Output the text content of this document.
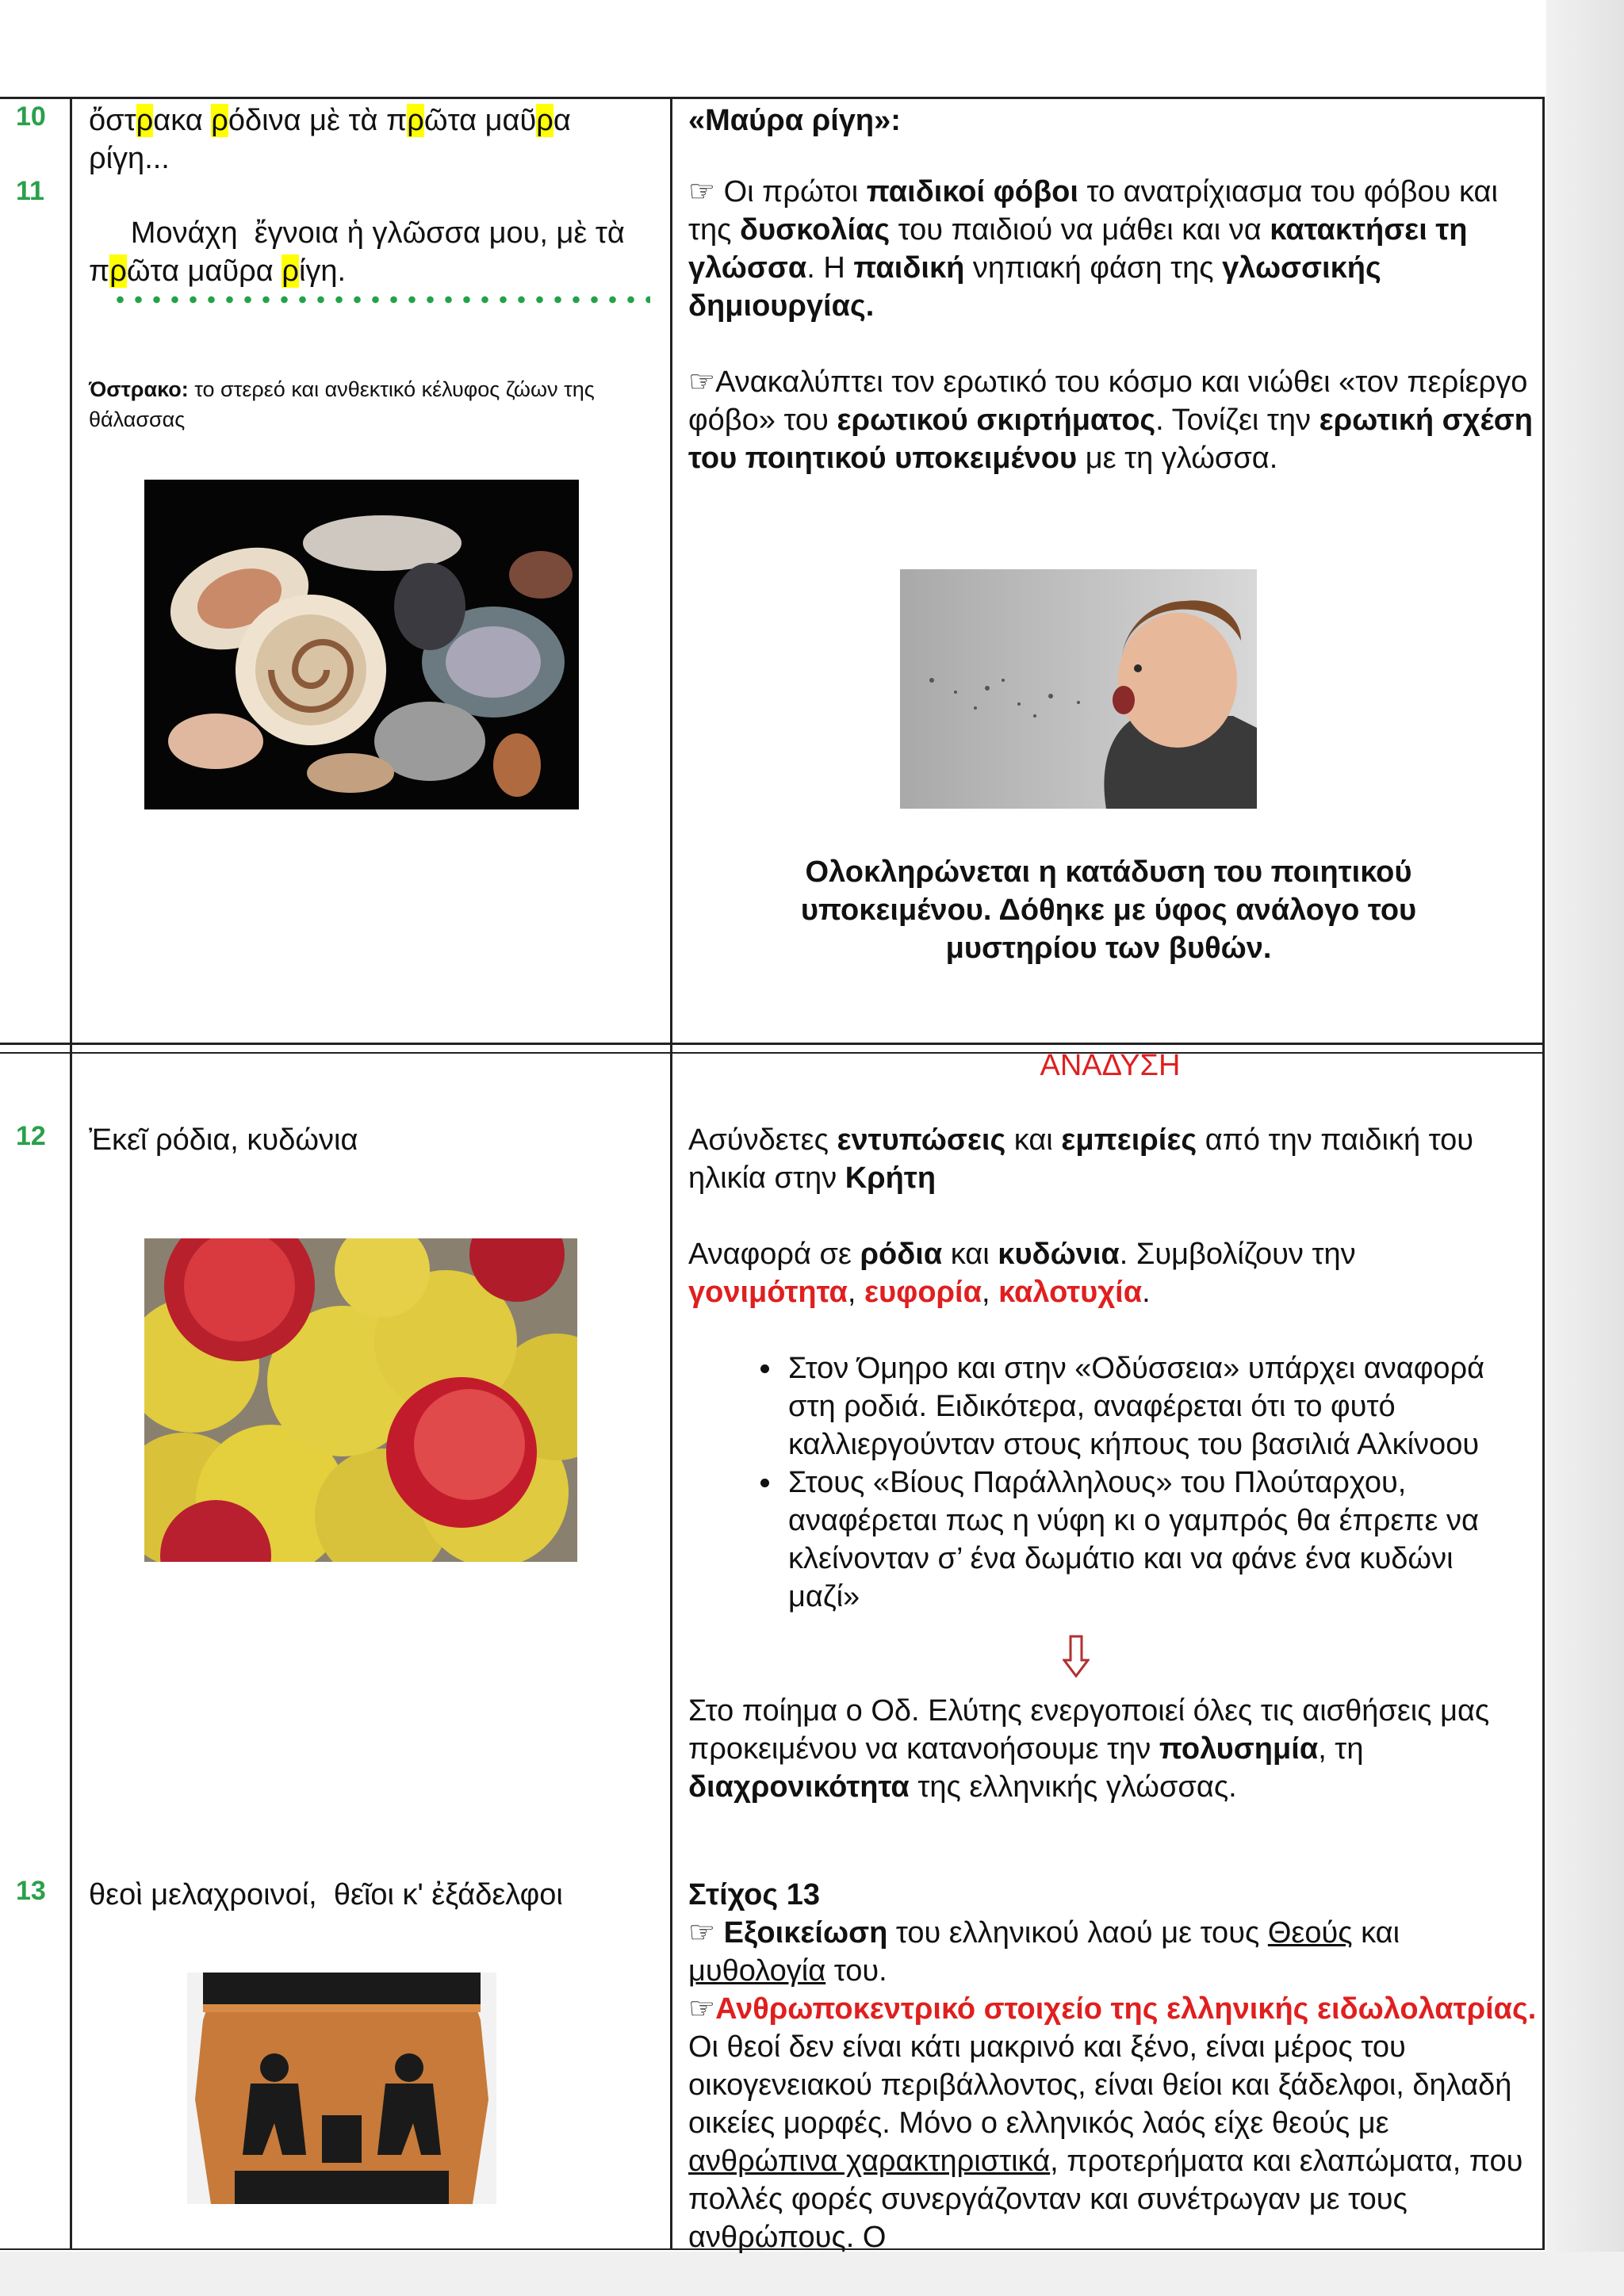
10
11
ὄστρακα ρόδινα μὲ τὰ πρῶτα μαῦρα
ρίγη...

Μονάχη  ἔγνοια ἡ γλῶσσα μου, μὲ τὰ
πρῶτα μαῦρα ρίγη.

Όστρακο: το στερεό και ανθεκτικό κέλυφος ζώων της θάλασσας
«Μαύρα ρίγη»:
☞ Οι πρώτοι παιδικοί φόβοι το ανατρίχιασμα του φόβου και της δυσκολίας του παιδιού να μάθει και να κατακτήσει τη γλώσσα. Η παιδική νηπιακή φάση της γλωσσικής δημιουργίας.
☞Ανακαλύπτει τον ερωτικό του κόσμο και νιώθει «τον περίεργο φόβο» του ερωτικού σκιρτήματος. Τονίζει την ερωτική σχέση του ποιητικού υποκειμένου με τη γλώσσα.
Ολοκληρώνεται η κατάδυση του ποιητικού υποκειμένου. Δόθηκε με ύφος ανάλογο του μυστηρίου των βυθών.
ΑΝΑΔΥΣΗ
12 Ἐκεῖ ρόδια, κυδώνια	Ασύνδετες εντυπώσεις και εμπειρίες από την παιδική του ηλικία στην Κρήτη
Αναφορά σε ρόδια και κυδώνια. Συμβολίζουν την
γονιμότητα, ευφορία, καλοτυχία.
• Στον Όμηρο και στην «Οδύσσεια» υπάρχει αναφορά στη ροδιά. Ειδικότερα, αναφέρεται ότι το φυτό καλλιεργούνταν στους κήπους του βασιλιά Αλκίνοου
• Στους «Βίους Παράλληλους» του Πλούταρχου, αναφέρεται πως η νύφη κι ο γαμπρός θα έπρεπε να κλείνονταν σ’ ένα δωμάτιο και να φάνε ένα κυδώνι μαζί»
Στο ποίημα ο Οδ. Ελύτης ενεργοποιεί όλες τις αισθήσεις μας προκειμένου να κατανοήσουμε την πολυσημία, τη διαχρονικότητα της ελληνικής γλώσσας.
13 θεοὶ μελαχροινοί,  θεῖοι κ' ἐξάδελφοι	Στίχος 13
☞ Εξοικείωση του ελληνικού λαού με τους Θεούς και μυθολογία του.
☞Ανθρωποκεντρικό στοιχείο της ελληνικής ειδωλολατρίας. Οι θεοί δεν είναι κάτι μακρινό και ξένο, είναι μέρος του οικογενειακού περιβάλλοντος, είναι θείοι και ξάδελφοι, δηλαδή οικείες μορφές. Μόνο ο ελληνικός λαός είχε θεούς με ανθρώπινα χαρακτηριστικά, προτερήματα και ελαπώματα, που πολλές φορές συνεργάζονταν και συνέτρωγαν με τους ανθρώπους. Ο
